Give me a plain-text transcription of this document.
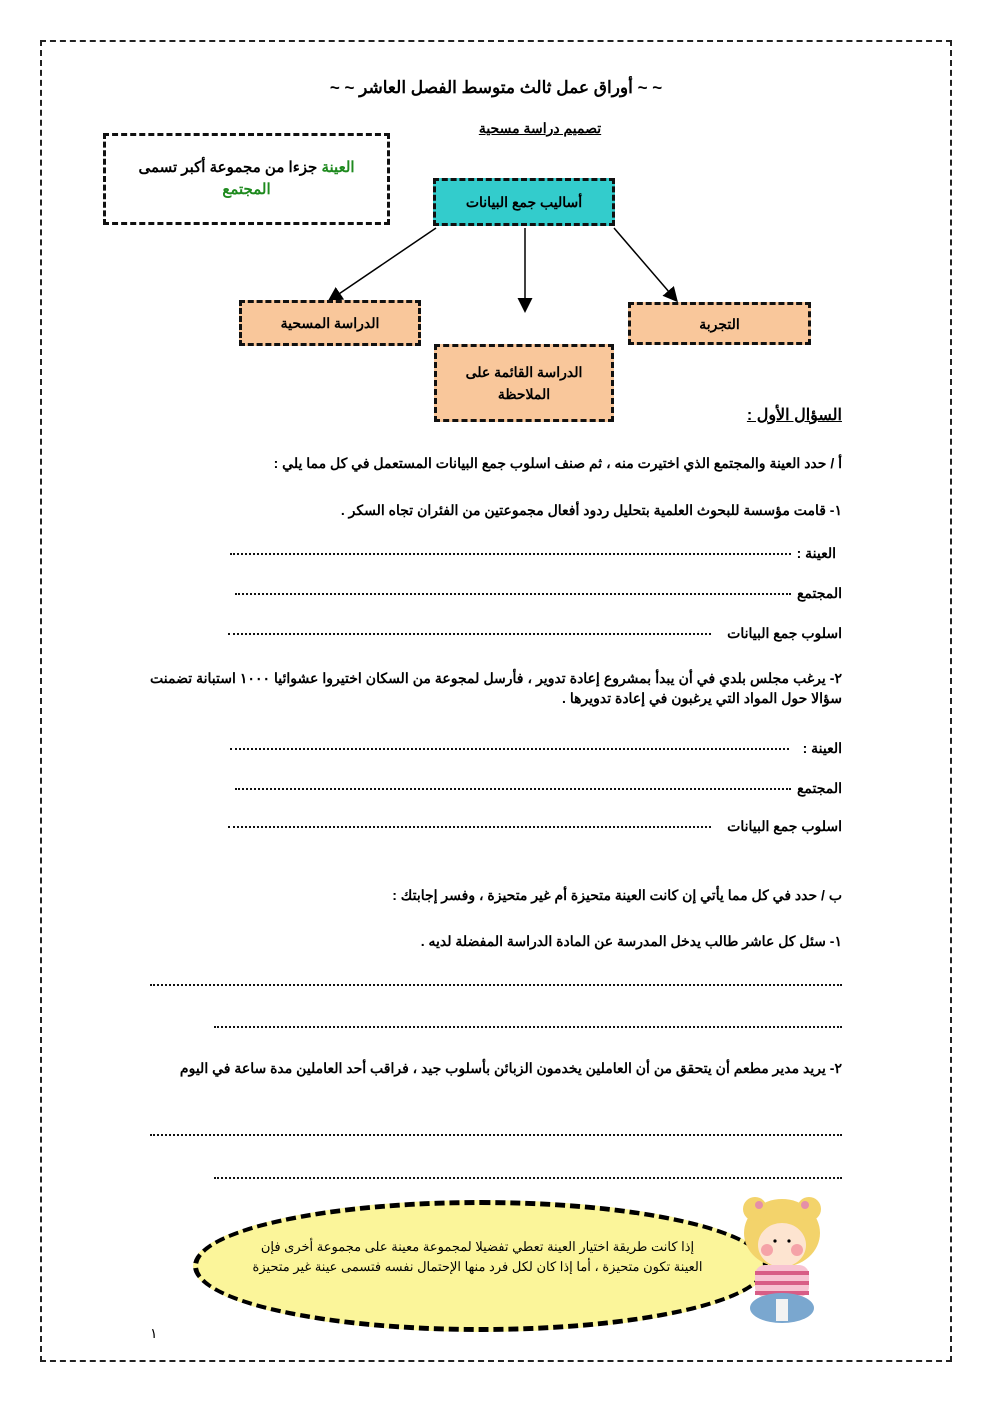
~ ~ أوراق عمل ثالث متوسط الفصل العاشر ~ ~
تصميم دراسة مسحية
العينة جزءا من مجموعة أكبر تسمى المجتمع
أساليب جمع البيانات
التجربة
الدراسة القائمة على الملاحظة
الدراسة المسحية
السؤال الأول :
أ / حدد العينة والمجتمع الذي اختيرت منه ، ثم صنف اسلوب جمع البيانات المستعمل في كل مما يلي :
١- قامت مؤسسة للبحوث العلمية بتحليل ردود أفعال مجموعتين من الفئران تجاه السكر .
العينة :
المجتمع
اسلوب جمع البيانات
٢- يرغب مجلس بلدي في أن يبدأ بمشروع إعادة تدوير ، فأرسل لمجوعة من السكان اختيروا عشوائيا ١٠٠٠ استبانة تضمنت سؤالا حول المواد التي يرغبون في إعادة تدويرها .
العينة :
المجتمع
اسلوب جمع البيانات
ب / حدد في كل مما يأتي إن كانت العينة متحيزة أم غير متحيزة ، وفسر إجابتك :
١- سئل كل عاشر طالب يدخل المدرسة عن المادة الدراسة المفضلة لديه .
٢- يريد مدير مطعم أن يتحقق من أن العاملين يخدمون الزبائن بأسلوب جيد ، فراقب أحد العاملين مدة ساعة في اليوم
إذا كانت طريقة اختيار العينة تعطي تفضيلا لمجموعة معينة على مجموعة أخرى فإن العينة تكون متحيزة ، أما إذا كان لكل فرد منها الإحتمال نفسه فتسمى عينة غير متحيزة
١
